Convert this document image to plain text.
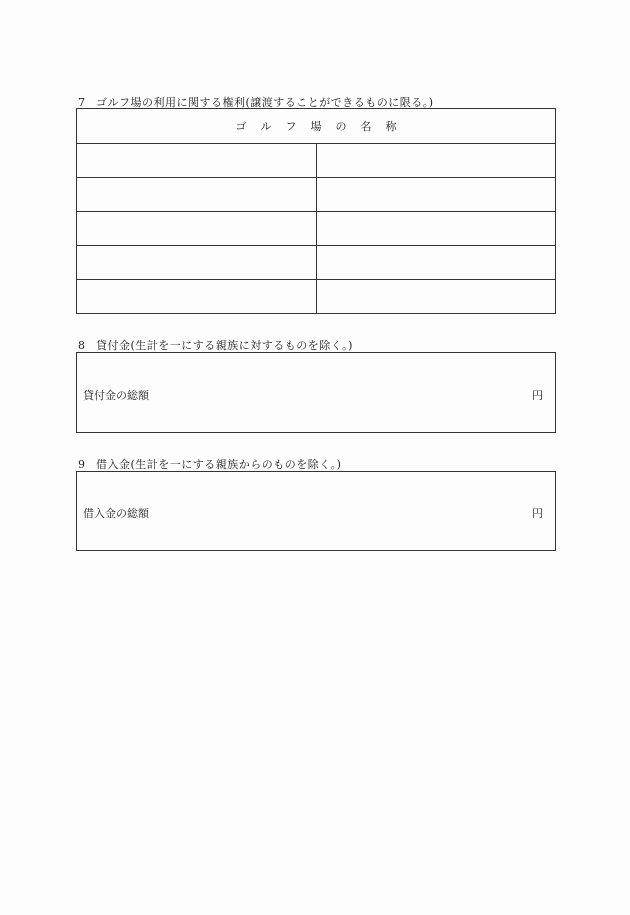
7 ゴルフ場の利用に関する権利(譲渡することができるものに限る。)
ゴルフ場の名称	

8 貸付金(生計を一にする親族に対するものを除く。)
貸付金の総額	円
9 借入金(生計を一にする親族からのものを除く。)
借入金の総額	円
